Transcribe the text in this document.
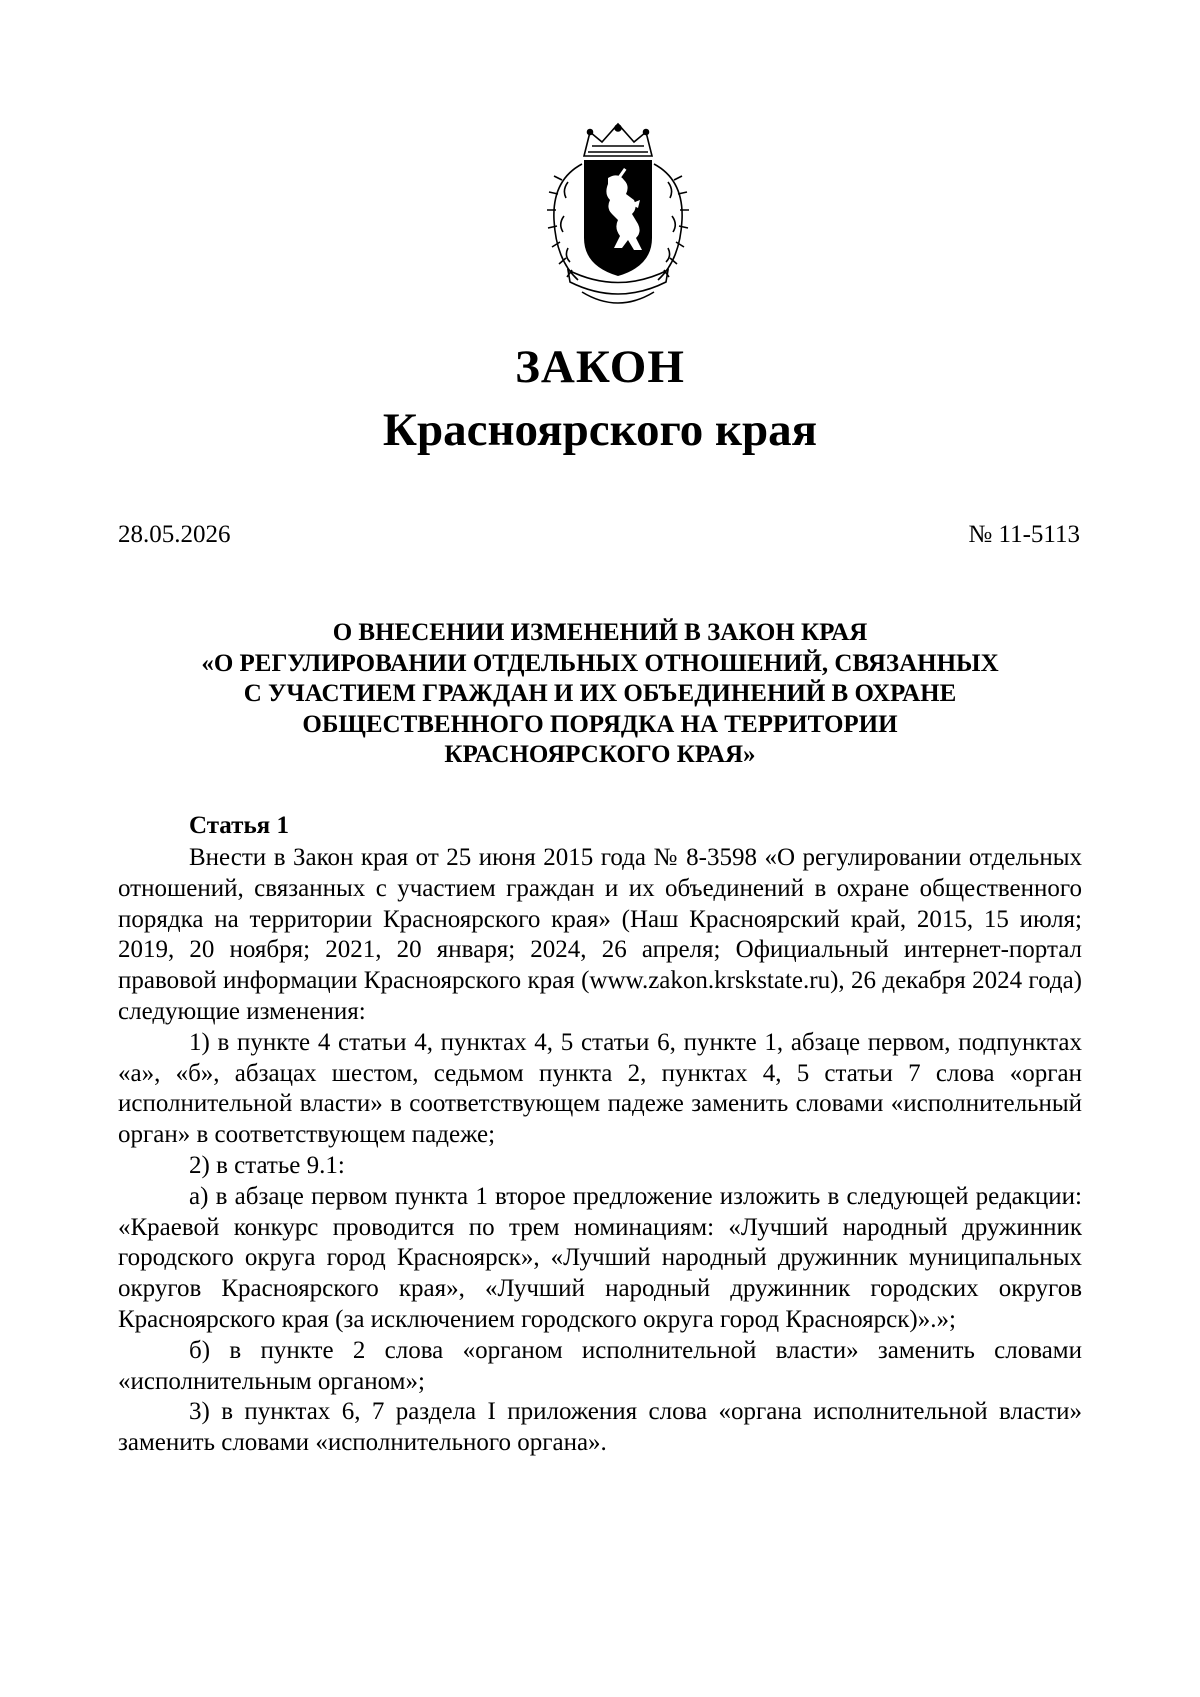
ЗАКОН
Красноярского края
28.05.2026	№ 11-5113
О ВНЕСЕНИИ ИЗМЕНЕНИЙ В ЗАКОН КРАЯ
«О РЕГУЛИРОВАНИИ ОТДЕЛЬНЫХ ОТНОШЕНИЙ, СВЯЗАННЫХ
С УЧАСТИЕМ ГРАЖДАН И ИХ ОБЪЕДИНЕНИЙ В ОХРАНЕ
ОБЩЕСТВЕННОГО ПОРЯДКА НА ТЕРРИТОРИИ
КРАСНОЯРСКОГО КРАЯ»
Статья 1

Внести в Закон края от 25 июня 2015 года № 8-3598 «О регулировании отдельных отношений, связанных с участием граждан и их объединений в охране общественного порядка на территории Красноярского края» (Наш Красноярский край, 2015, 15 июля; 2019, 20 ноября; 2021, 20 января; 2024, 26 апреля; Официальный интернет-портал правовой информации Красноярского края (www.zakon.krskstate.ru), 26 декабря 2024 года) следующие изменения:

1) в пункте 4 статьи 4, пунктах 4, 5 статьи 6, пункте 1, абзаце первом, подпунктах «а», «б», абзацах шестом, седьмом пункта 2, пунктах 4, 5 статьи 7 слова «орган исполнительной власти» в соответствующем падеже заменить словами «исполнительный орган» в соответствующем падеже;

2) в статье 9.1:

а) в абзаце первом пункта 1 второе предложение изложить в следующей редакции: «Краевой конкурс проводится по трем номинациям: «Лучший народный дружинник городского округа город Красноярск», «Лучший народный дружинник муниципальных округов Красноярского края», «Лучший народный дружинник городских округов Красноярского края (за исключением городского округа город Красноярск)».»;

б) в пункте 2 слова «органом исполнительной власти» заменить словами «исполнительным органом»;

3) в пунктах 6, 7 раздела I приложения слова «органа исполнительной власти» заменить словами «исполнительного органа».
